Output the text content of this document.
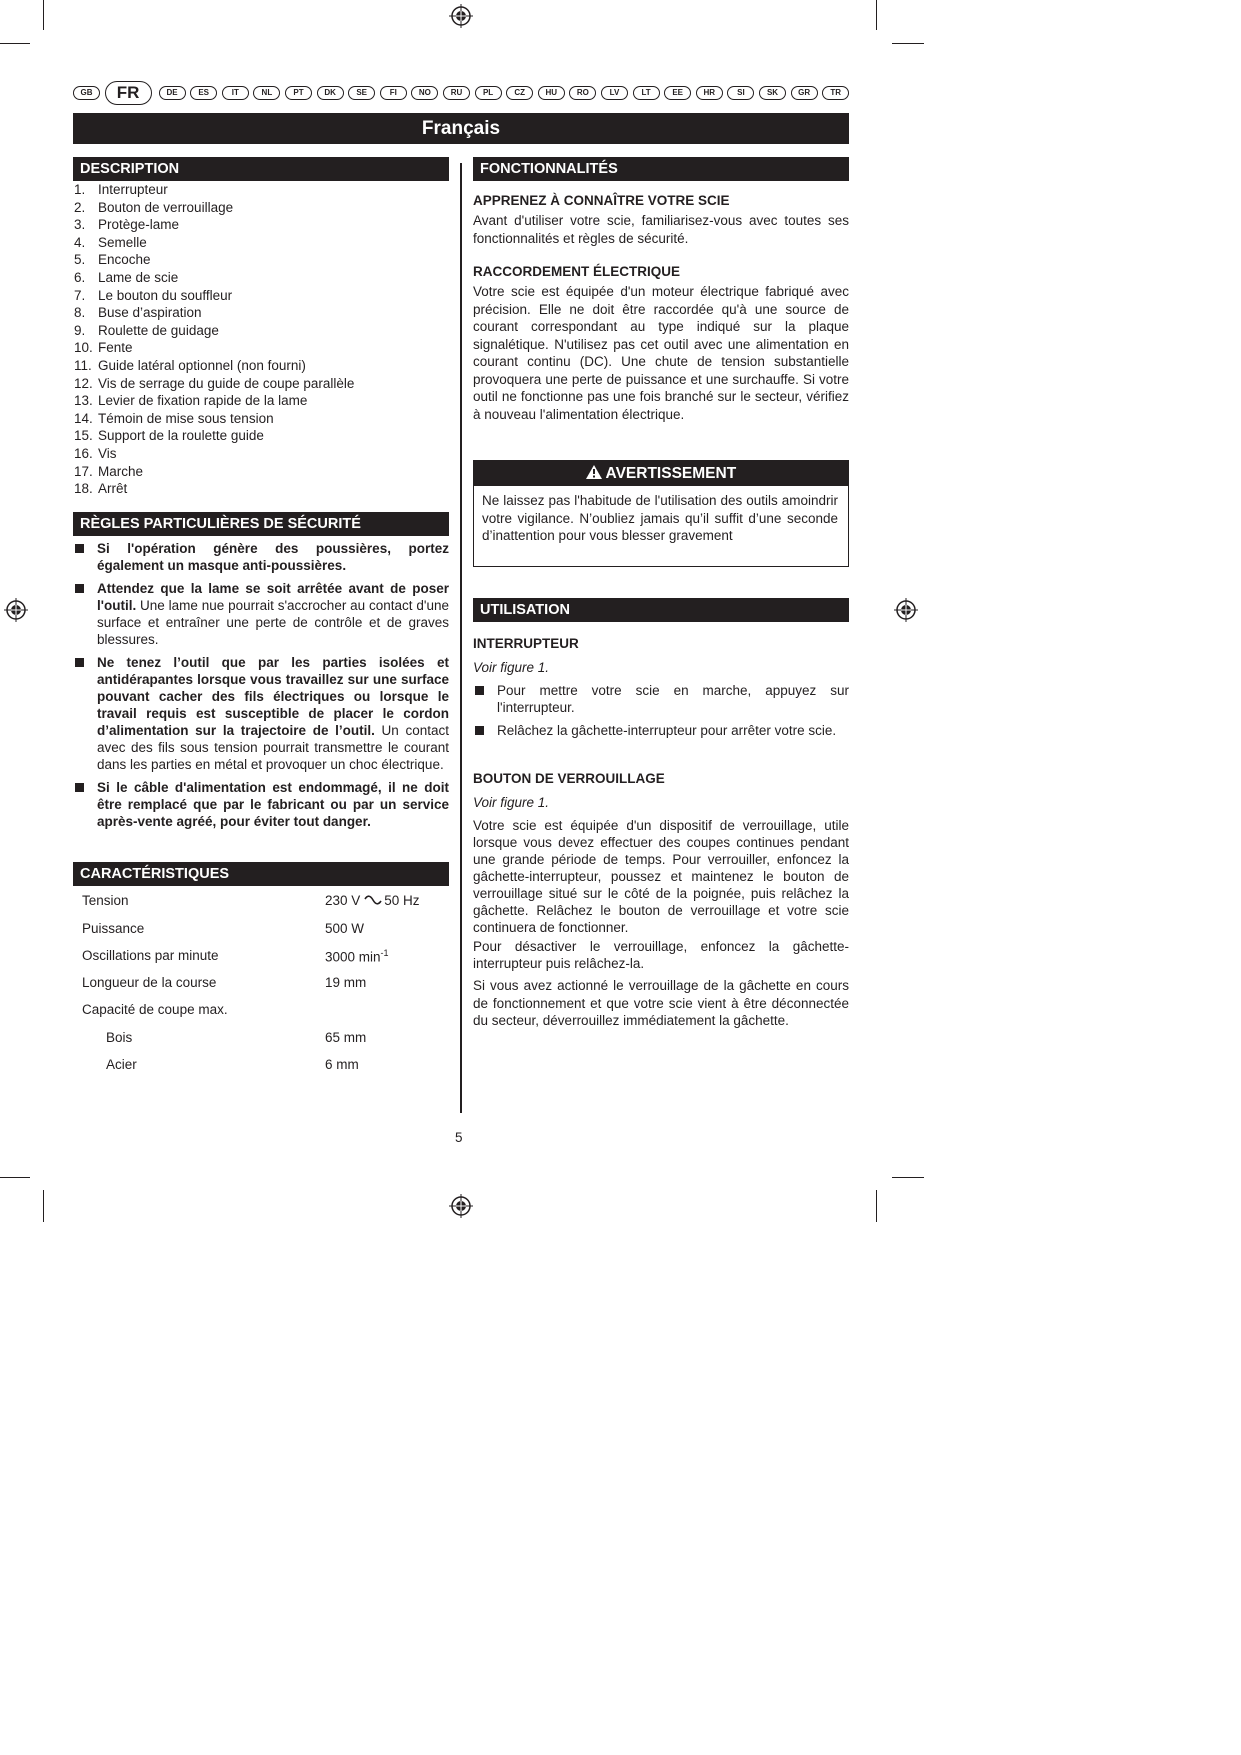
GB	FR	DE	ES	IT	NL	PT	DK	SE	FI	NO	RU	PL	CZ	HU	RO	LV	LT	EE	HR	SI	SK	GR	TR
Français
DESCRIPTION
1. Interrupteur
2. Bouton de verrouillage
3. Protège-lame
4. Semelle
5. Encoche
6. Lame de scie
7. Le bouton du souffleur
8. Buse d’aspiration
9. Roulette de guidage
10. Fente
11. Guide latéral optionnel (non fourni)
12. Vis de serrage du guide de coupe parallèle
13. Levier de fixation rapide de la lame
14. Témoin de mise sous tension
15. Support de la roulette guide
16. Vis
17. Marche
18. Arrêt
RÈGLES PARTICULIÈRES DE SÉCURITÉ
Si l'opération génère des poussières, portez également un masque anti-poussières.
Attendez que la lame se soit arrêtée avant de poser l'outil. Une lame nue pourrait s'accrocher au contact d'une surface et entraîner une perte de contrôle et de graves blessures.
Ne tenez l’outil que par les parties isolées et antidérapantes lorsque vous travaillez sur une surface pouvant cacher des fils électriques ou lorsque le travail requis est susceptible de placer le cordon d’alimentation sur la trajectoire de l’outil. Un contact avec des fils sous tension pourrait transmettre le courant dans les parties en métal et provoquer un choc électrique.
Si le câble d'alimentation est endommagé, il ne doit être remplacé que par le fabricant ou par un service après-vente agréé, pour éviter tout danger.
CARACTÉRISTIQUES
Tension	230 V 50 Hz
Puissance	500 W
Oscillations par minute	3000 $\min^{-1}$
Longueur de la course	19 mm
Capacité de coupe max.
Bois	65 mm
Acier	6 mm
FONCTIONNALITÉS
APPRENEZ À CONNAÎTRE VOTRE SCIE
Avant d'utiliser votre scie, familiarisez-vous avec toutes ses fonctionnalités et règles de sécurité.
RACCORDEMENT ÉLECTRIQUE
Votre scie est équipée d'un moteur électrique fabriqué avec précision. Elle ne doit être raccordée qu'à une source de courant correspondant au type indiqué sur la plaque signalétique. N'utilisez pas cet outil avec une alimentation en courant continu (DC). Une chute de tension substantielle provoquera une perte de puissance et une surchauffe. Si votre outil ne fonctionne pas une fois branché sur le secteur, vérifiez à nouveau l'alimentation électrique.
AVERTISSEMENT
Ne laissez pas l'habitude de l'utilisation des outils amoindrir votre vigilance. N’oubliez jamais qu’il suffit d’une seconde d’inattention pour vous blesser gravement
UTILISATION
INTERRUPTEUR
Voir figure 1.
Pour mettre votre scie en marche, appuyez sur l'interrupteur.
Relâchez la gâchette-interrupteur pour arrêter votre scie.
BOUTON DE VERROUILLAGE
Voir figure 1.
Votre scie est équipée d'un dispositif de verrouillage, utile lorsque vous devez effectuer des coupes continues pendant une grande période de temps. Pour verrouiller, enfoncez la gâchette-interrupteur, poussez et maintenez le bouton de verrouillage situé sur le côté de la poignée, puis relâchez la gâchette. Relâchez le bouton de verrouillage et votre scie continuera de fonctionner.
Pour désactiver le verrouillage, enfoncez la gâchette-interrupteur puis relâchez-la.
Si vous avez actionné le verrouillage de la gâchette en cours de fonctionnement et que votre scie vient à être déconnectée du secteur, déverrouillez immédiatement la gâchette.
5
